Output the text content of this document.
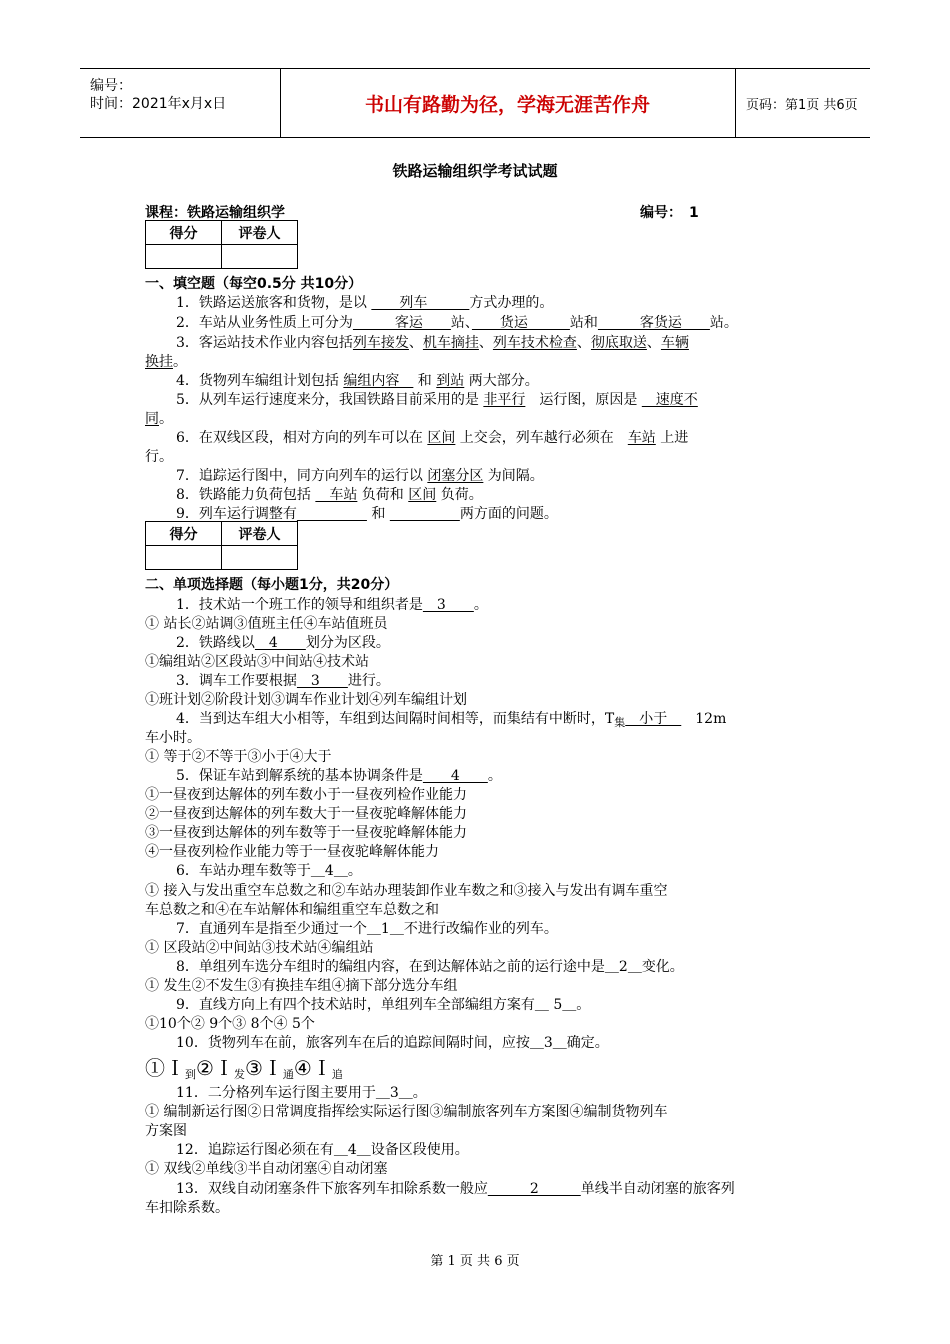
编号：
时间：2021年x月x日	书山有路勤为径，学海无涯苦作舟	页码：第1页 共6页
铁路运输组织学考试试题
课程：铁路运输组织学	编号：　1
得分	评卷人

一、填空题（每空0.5分 共10分）
1．铁路运送旅客和货物，是以 　　列车　　　方式办理的。
2．车站从业务性质上可分为　　　客运　　站、　　货运　　　站和　　　客货运　　站。
3．客运站技术作业内容包括列车接发、机车摘挂、列车技术检查、彻底取送、车辆
换挂。
4．货物列车编组计划包括 编组内容　 和 到站 两大部分。
5．从列车运行速度来分，我国铁路目前采用的是 非平行　运行图，原因是 　速度不
同。
6．在双线区段，相对方向的列车可以在 区间 上交会，列车越行必须在　车站 上进
行。
7．追踪运行图中，同方向列车的运行以 闭塞分区 为间隔。
8．铁路能力负荷包括 　车站 负荷和 区间 负荷。
9．列车运行调整有　　　　　	和 　　　　　	两方面的问题。
得分	评卷人

二、单项选择题（每小题1分，共20分）
1．技术站一个班工作的领导和组织者是　3　　。
① 站长②站调③值班主任④车站值班员
2．铁路线以　4　　划分为区段。
①编组站②区段站③中间站④技术站
3．调车工作要根据　3　　进行。
①班计划②阶段计划③调车作业计划④列车编组计划
4．当到达车组大小相等，车组到达间隔时间相等，而集结有中断时，$T_集$　小于　　12m
车小时。
① 等于②不等于③小于④大于
5．保证车站到解系统的基本协调条件是　　4　　。
①一昼夜到达解体的列车数小于一昼夜列检作业能力
②一昼夜到达解体的列车数大于一昼夜驼峰解体能力
③一昼夜到达解体的列车数等于一昼夜驼峰解体能力
④一昼夜列检作业能力等于一昼夜驼峰解体能力
6．车站办理车数等于＿4＿。
① 接入与发出重空车总数之和②车站办理装卸作业车数之和③接入与发出有调车重空
车总数之和④在车站解体和编组重空车总数之和
7．直通列车是指至少通过一个＿1＿不进行改编作业的列车。
① 区段站②中间站③技术站④编组站
8．单组列车选分车组时的编组内容，在到达解体站之前的运行途中是＿2＿变化。
① 发生②不发生③有换挂车组④摘下部分选分车组
9．直线方向上有四个技术站时，单组列车全部编组方案有＿ 5＿。
①10个② 9个③ 8个④ 5个
10．货物列车在前，旅客列车在后的追踪间隔时间，应按＿3＿确定。
①Ｉ$_到$②Ｉ$_发$③Ｉ$_通$④Ｉ$_追$
11．二分格列车运行图主要用于＿3＿。
① 编制新运行图②日常调度指挥绘实际运行图③编制旅客列车方案图④编制货物列车
方案图
12．追踪运行图必须在有＿4＿设备区段使用。
① 双线②单线③半自动闭塞④自动闭塞
13．双线自动闭塞条件下旅客列车扣除系数一般应　　　2　　　单线半自动闭塞的旅客列
车扣除系数。
第 1 页 共 6 页
